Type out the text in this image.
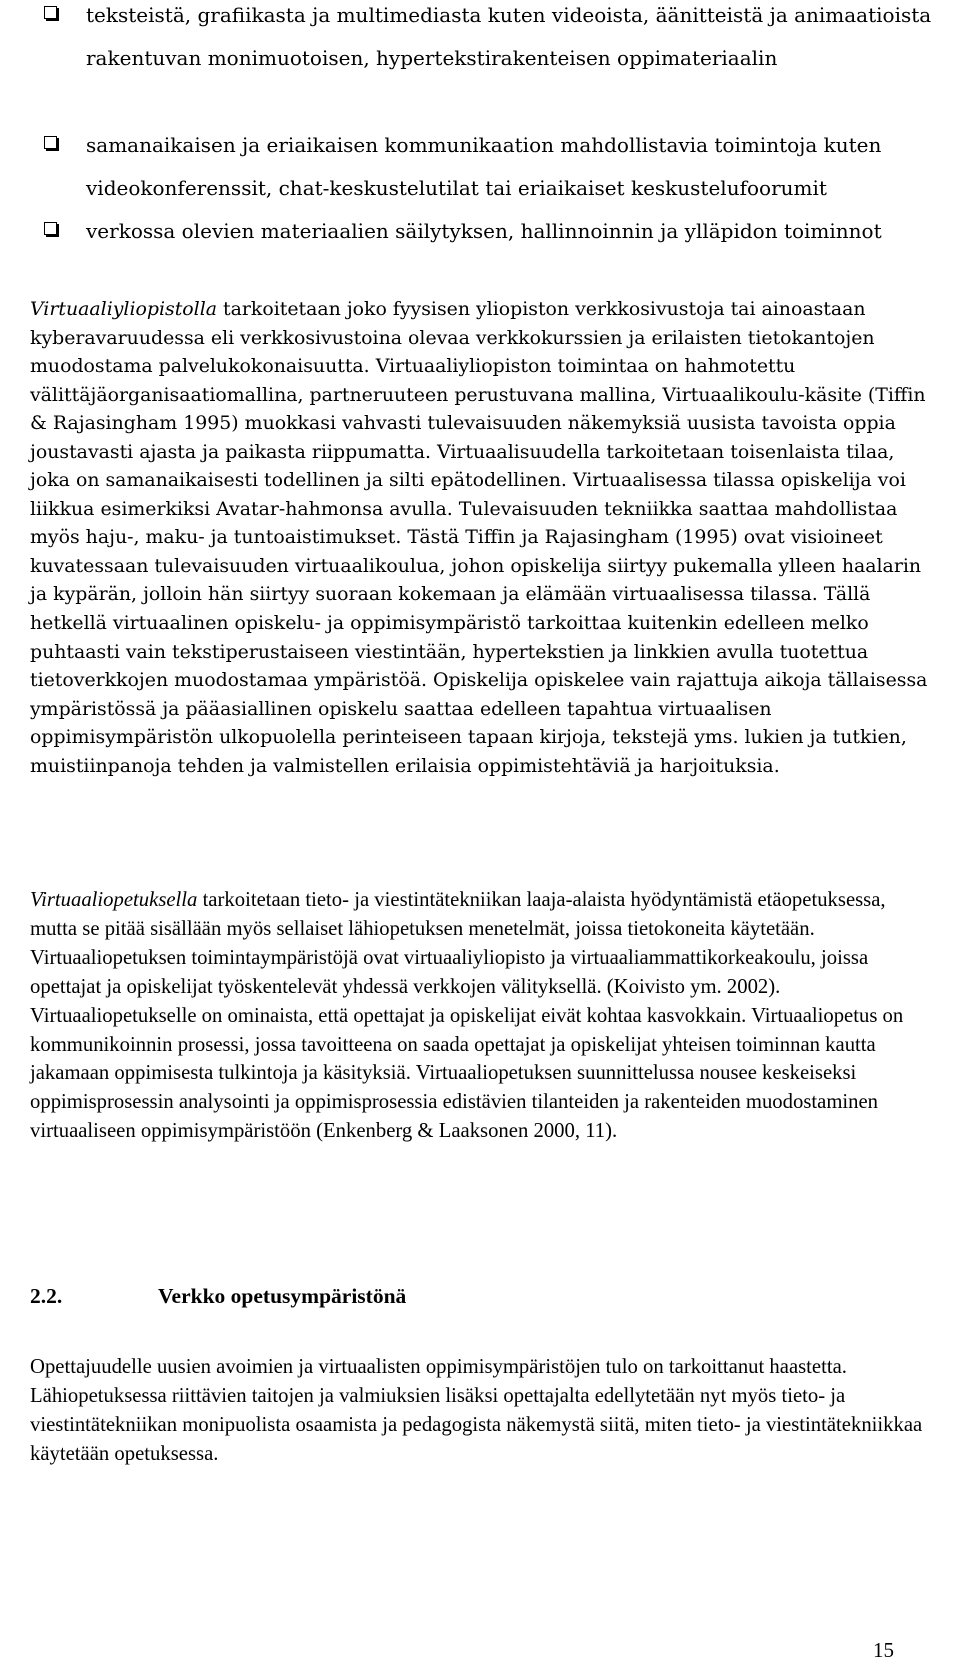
teksteistä, grafiikasta ja multimediasta kuten videoista, äänitteistä ja animaatioista rakentuvan monimuotoisen, hypertekstirakenteisen oppimateriaalin
samanaikaisen ja eriaikaisen kommunikaation mahdollistavia toimintoja kuten videokonferenssit, chat-keskustelutilat tai eriaikaiset keskustelufoorumit
verkossa olevien materiaalien säilytyksen, hallinnoinnin ja ylläpidon toiminnot

Virtuaaliyliopistolla tarkoitetaan joko fyysisen yliopiston verkkosivustoja tai ainoastaan kyberavaruudessa eli verkkosivustoina olevaa verkkokurssien ja erilaisten tietokantojen muodostama palvelukokonaisuutta. Virtuaaliyliopiston toimintaa on hahmotettu välittäjäorganisaatiomallina, partneruuteen perustuvana mallina, Virtuaalikoulu-käsite (Tiffin & Rajasingham 1995) muokkasi vahvasti tulevaisuuden näkemyksiä uusista tavoista oppia joustavasti ajasta ja paikasta riippumatta. Virtuaalisuudella tarkoitetaan toisenlaista tilaa, joka on samanaikaisesti todellinen ja silti epätodellinen. Virtuaalisessa tilassa opiskelija voi liikkua esimerkiksi Avatar-hahmonsa avulla. Tulevaisuuden tekniikka saattaa mahdollistaa myös haju-, maku- ja tuntoaistimukset. Tästä Tiffin ja Rajasingham (1995) ovat visioineet kuvatessaan tulevaisuuden virtuaalikoulua, johon opiskelija siirtyy pukemalla ylleen haalarin ja kypärän, jolloin hän siirtyy suoraan kokemaan ja elämään virtuaalisessa tilassa. Tällä hetkellä virtuaalinen opiskelu- ja oppimisympäristö tarkoittaa kuitenkin edelleen melko puhtaasti vain tekstiperustaiseen viestintään, hypertekstien ja linkkien avulla tuotettua tietoverkkojen muodostamaa ympäristöä. Opiskelija opiskelee vain rajattuja aikoja tällaisessa ympäristössä ja pääasiallinen opiskelu saattaa edelleen tapahtua virtuaalisen oppimisympäristön ulkopuolella perinteiseen tapaan kirjoja, tekstejä yms. lukien ja tutkien, muistiinpanoja tehden ja valmistellen erilaisia oppimistehtäviä ja harjoituksia.

Virtuaaliopetuksella tarkoitetaan tieto- ja viestintätekniikan laaja-alaista hyödyntämistä etäopetuksessa, mutta se pitää sisällään myös sellaiset lähiopetuksen menetelmät, joissa tietokoneita käytetään. Virtuaaliopetuksen toimintaympäristöjä ovat virtuaaliyliopisto ja virtuaaliammattikorkeakoulu, joissa opettajat ja opiskelijat työskentelevät yhdessä verkkojen välityksellä. (Koivisto ym. 2002). Virtuaaliopetukselle on ominaista, että opettajat ja opiskelijat eivät kohtaa kasvokkain. Virtuaaliopetus on kommunikoinnin prosessi, jossa tavoitteena on saada opettajat ja opiskelijat yhteisen toiminnan kautta jakamaan oppimisesta tulkintoja ja käsityksiä. Virtuaaliopetuksen suunnittelussa nousee keskeiseksi oppimisprosessin analysointi ja oppimisprosessia edistävien tilanteiden ja rakenteiden muodostaminen virtuaaliseen oppimisympäristöön (Enkenberg & Laaksonen 2000, 11).

2.2.	Verkko opetusympäristönä

Opettajuudelle uusien avoimien ja virtuaalisten oppimisympäristöjen tulo on tarkoittanut haastetta. Lähiopetuksessa riittävien taitojen ja valmiuksien lisäksi opettajalta edellytetään nyt myös tieto- ja viestintätekniikan monipuolista osaamista ja pedagogista näkemystä siitä, miten tieto- ja viestintätekniikkaa käytetään opetuksessa.

15
